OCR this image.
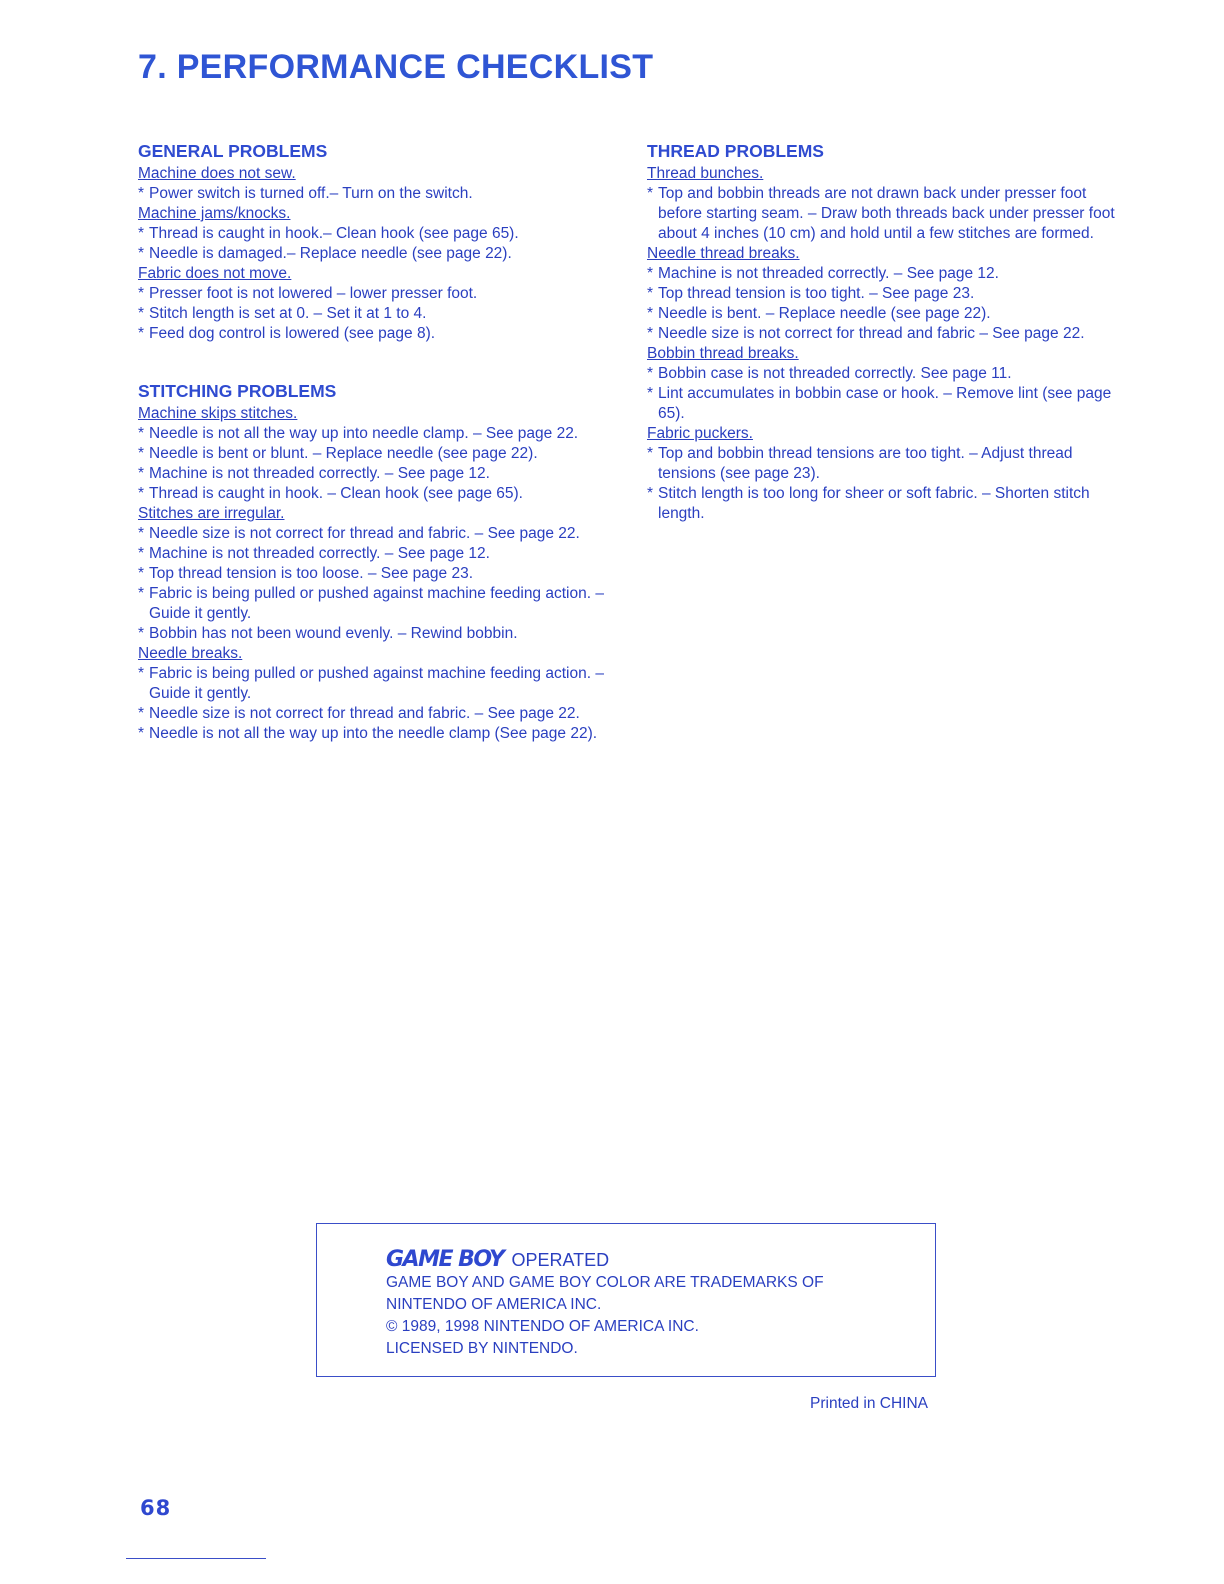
7. PERFORMANCE CHECKLIST
GENERAL PROBLEMS

Machine does not sew.

* Power switch is turned off.– Turn on the switch.

Machine jams/knocks.

* Thread is caught in hook.– Clean hook (see page 65).

* Needle is damaged.– Replace needle (see page 22).

Fabric does not move.

* Presser foot is not lowered – lower presser foot.

* Stitch length is set at 0. – Set it at 1 to 4.

* Feed dog control is lowered (see page 8).

STITCHING PROBLEMS

Machine skips stitches.

* Needle is not all the way up into needle clamp. – See page 22.

* Needle is bent or blunt. – Replace needle (see page 22).

* Machine is not threaded correctly. – See page 12.

* Thread is caught in hook. – Clean hook (see page 65).

Stitches are irregular.

* Needle size is not correct for thread and fabric. – See page 22.

* Machine is not threaded correctly. – See page 12.

* Top thread tension is too loose. – See page 23.

* Fabric is being pulled or pushed against machine feeding action. – Guide it gently.

* Bobbin has not been wound evenly. – Rewind bobbin.

Needle breaks.

* Fabric is being pulled or pushed against machine feeding action. – Guide it gently.

* Needle size is not correct for thread and fabric. – See page 22.

* Needle is not all the way up into the needle clamp (See page 22).

THREAD PROBLEMS

Thread bunches.

* Top and bobbin threads are not drawn back under presser foot before starting seam. – Draw both threads back under presser foot about 4 inches (10 cm) and hold until a few stitches are formed.

Needle thread breaks.

* Machine is not threaded correctly. – See page 12.

* Top thread tension is too tight. – See page 23.

* Needle is bent. – Replace needle (see page 22).

* Needle size is not correct for thread and fabric – See page 22.

Bobbin thread breaks.

* Bobbin case is not threaded correctly. See page 11.

* Lint accumulates in bobbin case or hook. – Remove lint (see page 65).

Fabric puckers.

* Top and bobbin thread tensions are too tight. – Adjust thread tensions (see page 23).

* Stitch length is too long for sheer or soft fabric. – Shorten stitch length.

GAME BOY OPERATED

GAME BOY AND GAME BOY COLOR ARE TRADEMARKS OF

NINTENDO OF AMERICA INC.

© 1989, 1998 NINTENDO OF AMERICA INC.

LICENSED BY NINTENDO.

Printed in CHINA
68
